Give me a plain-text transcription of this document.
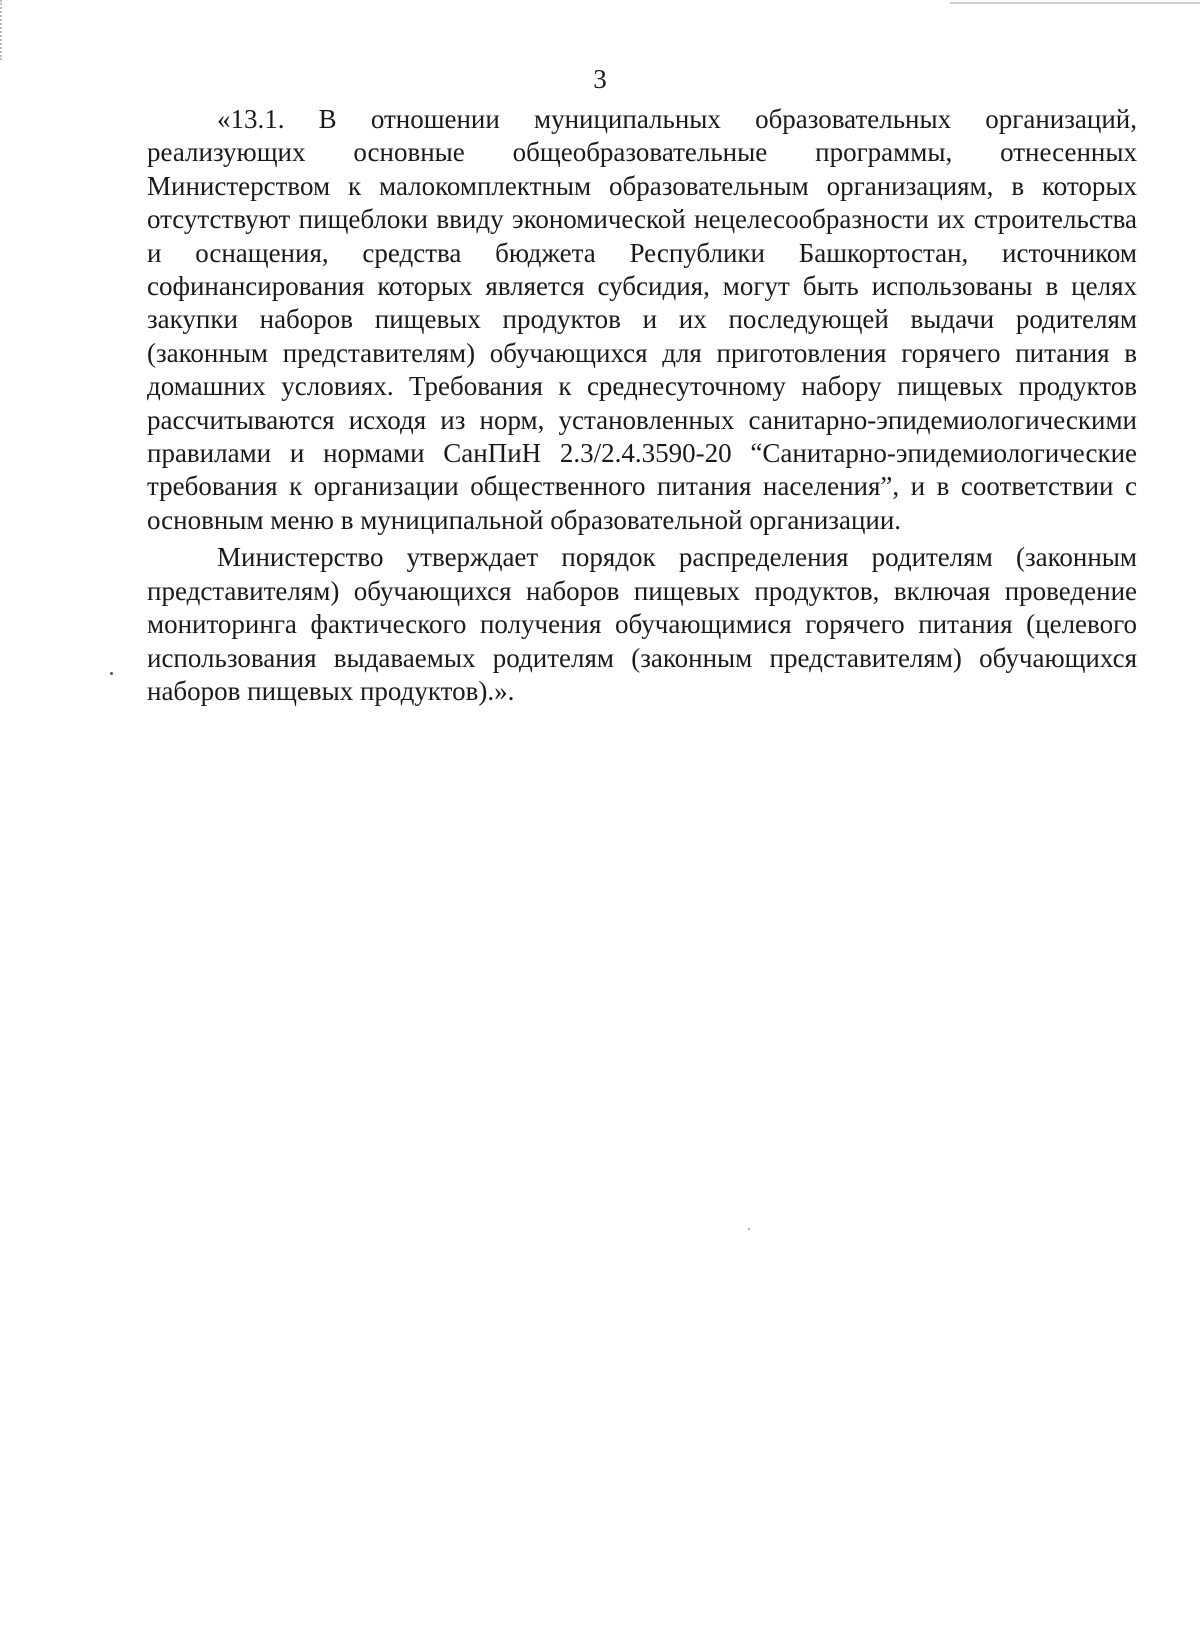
3

«13.1. В отношении муниципальных образовательных организаций, реализующих основные общеобразовательные программы, отнесенных Министерством к малокомплектным образовательным организациям, в которых отсутствуют пищеблоки ввиду экономической нецелесообразности их строительства и оснащения, средства бюджета Республики Башкортостан, источником софинансирования которых является субсидия, могут быть использованы в целях закупки наборов пищевых продуктов и их последующей выдачи родителям (законным представителям) обучающихся для приготовления горячего питания в домашних условиях. Требования к среднесуточному набору пищевых продуктов рассчитываются исходя из норм, установленных санитарно-эпидемиологическими правилами и нормами СанПиН 2.3/2.4.3590-20 “Санитарно-эпидемиологические требования к организации общественного питания населения”, и в соответствии с основным меню в муниципальной образовательной организации.

Министерство утверждает порядок распределения родителям (законным представителям) обучающихся наборов пищевых продуктов, включая проведение мониторинга фактического получения обучающимися горячего питания (целевого использования выдаваемых родителям (законным представителям) обучающихся наборов пищевых продуктов).».
